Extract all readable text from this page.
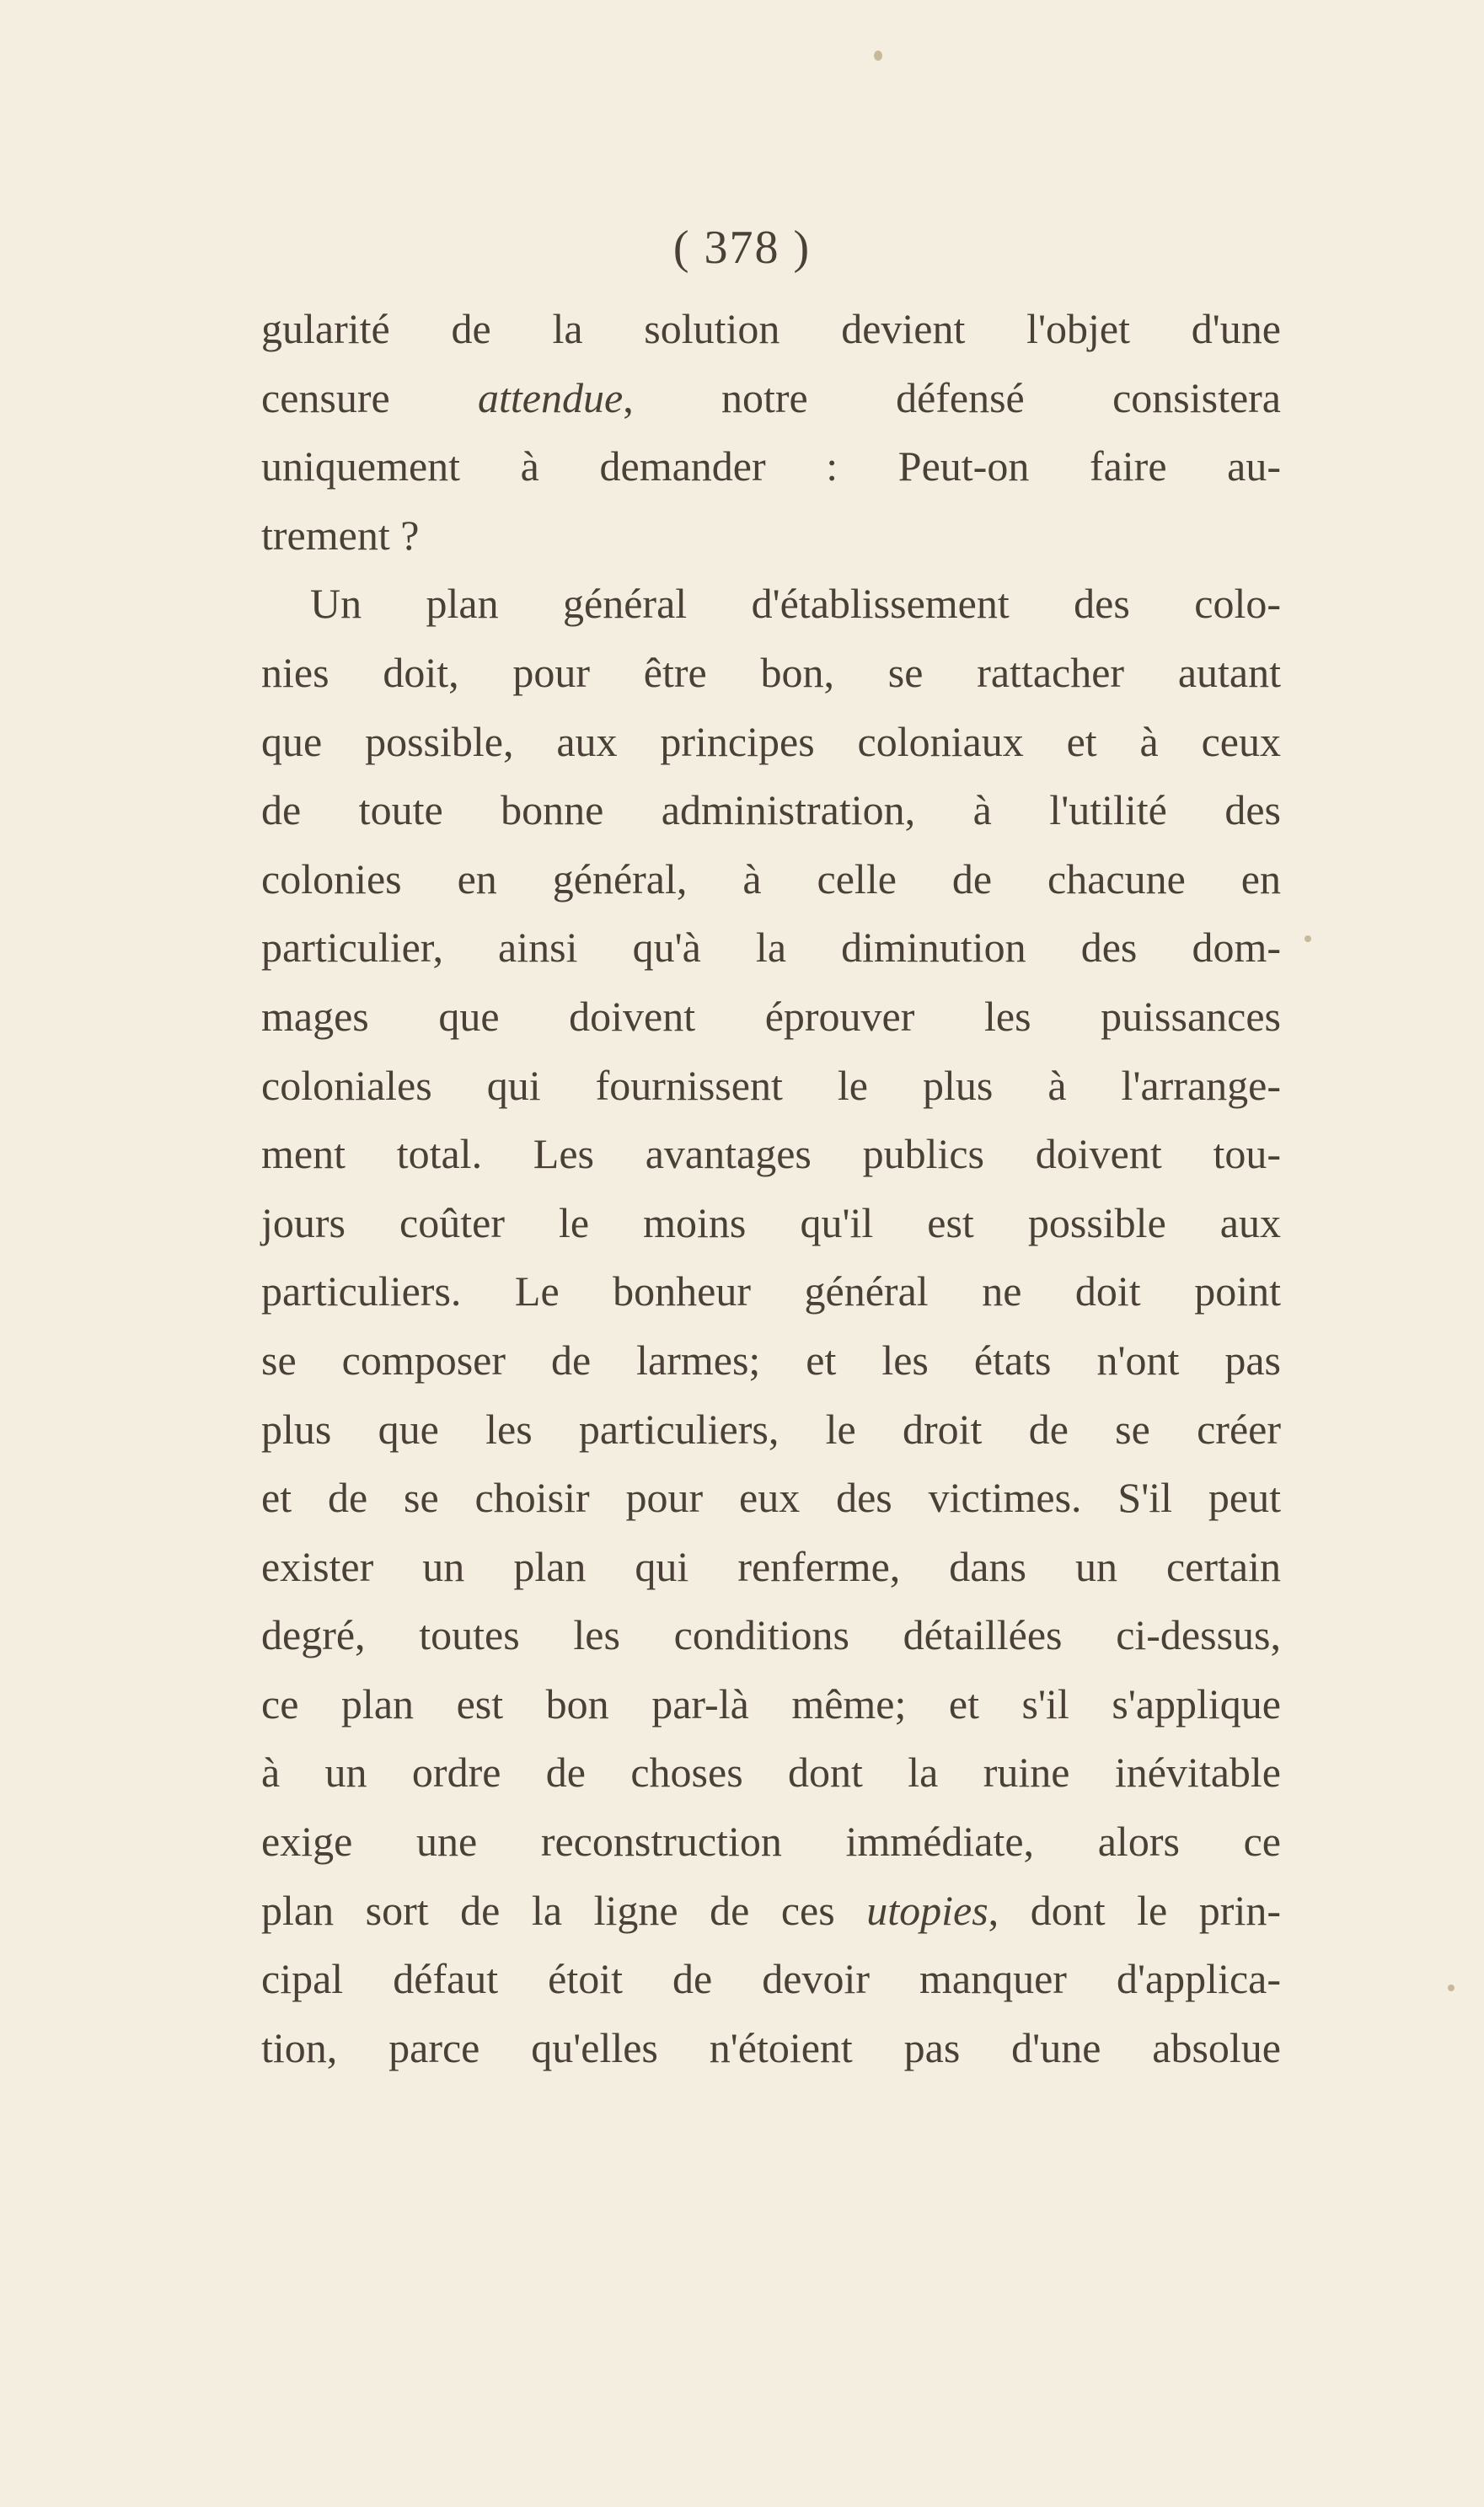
( 378 )
gularité de la solution devient l'objet d'une
censure attendue, notre défensé consistera
uniquement à demander : Peut-on faire au-
trement ?
Un plan général d'établissement des colo-
nies doit, pour être bon, se rattacher autant
que possible, aux principes coloniaux et à ceux
de toute bonne administration, à l'utilité des
colonies en général, à celle de chacune en
particulier, ainsi qu'à la diminution des dom-
mages que doivent éprouver les puissances
coloniales qui fournissent le plus à l'arrange-
ment total. Les avantages publics doivent tou-
jours coûter le moins qu'il est possible aux
particuliers. Le bonheur général ne doit point
se composer de larmes; et les états n'ont pas
plus que les particuliers, le droit de se créer
et de se choisir pour eux des victimes. S'il peut
exister un plan qui renferme, dans un certain
degré, toutes les conditions détaillées ci-dessus,
ce plan est bon par-là même; et s'il s'applique
à un ordre de choses dont la ruine inévitable
exige une reconstruction immédiate, alors ce
plan sort de la ligne de ces utopies, dont le prin-
cipal défaut étoit de devoir manquer d'applica-
tion, parce qu'elles n'étoient pas d'une absolue
